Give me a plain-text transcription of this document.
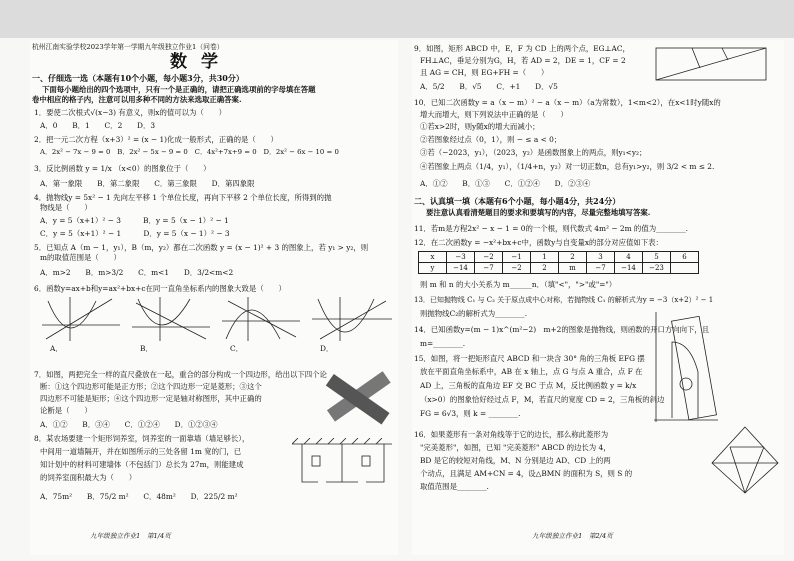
杭州江南实验学校2023学年第一学期九年级独立作业1（问卷）
数学
一、仔细选一选（本题有10个小题，每小题3分，共30分）
下面每小题给出的四个选项中，只有一个是正确的，请把正确选项前的字母填在答题
卷中相应的格子内，注意可以用多种不同的方法来选取正确答案.
1．要使二次根式√(x−3) 有意义，则x的值可以为（　　）
A．0　　B．1　　C．2　　D．3
2．把一元二次方程（x+3）² = (x − 1)化成一般形式，正确的是（　　）
A．2x² − 7x − 9 = 0　B．2x² − 5x − 9 = 0　C．4x²+7x+9 = 0　D．2x² − 6x − 10 = 0
3．反比例函数 y = 1/x （x<0）的图象位于（　　）
A．第一象限　　B．第二象限　　C．第三象限　　D．第四象限
4．抛物线y = 5x² − 1 先向左平移 1 个单位长度，再向下平移 2 个单位长度，所得到的抛
物线是（　　）
A．y = 5（x+1）² − 3　　　B．y = 5（x − 1）² − 1
C．y = 5（x+1）² − 1　　　D．y = 5（x − 1）² − 3
5．已知点 A（m − 1，y₁），B（m，y₂）都在二次函数 y = (x − 1)² + 3 的图象上，若 y₁ > y₂，则
m的取值范围是（　　）
A．m>2　　B．m>3/2　　C．m<1　　D．3/2<m<2
6．函数y=ax+b和y=ax²+bx+c在同一直角坐标系内的图象大致是（　　）
A．	B．	C．	D．
7．如图，两把完全一样的直尺叠放在一起，重合的部分构成一个四边形，给出以下四个论
断：①这个四边形可能是正方形；②这个四边形一定是菱形；③这个
四边形不可能是矩形；④这个四边形一定是轴对称图形，其中正确的
论断是（　　）
A．①②　　B．③④　　C．①②④　　D．①②③④
8．某农场要建一个矩形饲养室，饲养室的一面靠墙（墙足够长），
中间用一道墙隔开，并在如图所示的三处各留 1m 宽的门，已
知计划中的材料可建墙体（不包括门）总长为 27m，则能建成
的饲养室面积最大为（　　）
A．75m²　　B．75/2 m²　　C．48m²　　D．225/2 m²
九年级独立作业1　第1/4页
9．如图，矩形 ABCD 中，E，F 为 CD 上的两个点，EG⊥AC，
FH⊥AC，垂足分别为G，H，若 AD = 2，DE = 1，CF = 2
且 AG = CH，则 EG+FH =（　　）
A．5/2　　B．√5　　C．+1　　D．√5
10．已知二次函数y = a（x − m）² − a（x − m）（a为常数），1<m<2），在x<1时y随x的
增大而增大，则下列说法中正确的是（　　）
①若x>2时，则y随x的增大而减小；
②若图象经过点（0，1），则 − ≤ a < 0；
③若（−2023，y₁），（2023，y₂）是函数图象上的两点，则y₁<y₂；
④若图象上两点（1/4，y₁），（1/4+n，y₂）对一切正数n，总有y₁>y₂，则 3/2 < m ≤ 2.
A．①②　　B．①③　　C．①②④　　D．②③④
二、认真填一填（本题有6个小题，每小题4分，共24分）
要注意认真看清楚题目的要求和要填写的内容，尽量完整地填写答案.
11．若m是方程2x² − x − 1 = 0的一个根，则代数式 4m² − 2m 的值为________.
12．在二次函数y = −x²+bx+c中，函数y与自变量x的部分对应值如下表：
x	−3	−2	−1	1	2	3	4	5	6
y	−14	−7	−2	2	m	−7	−14	−23	
则 m 和 n 的大小关系为 m______n．（填"<"，">"或"="）
13．已知抛物线 C₁ 与 C₂ 关于原点成中心对称，若抛物线 C₁ 的解析式为y = −3（x+2）² − 1
则抛物线C₂的解析式为________.
14．已知函数y=(m − 1)x^(m²−2)　m+2的图象是抛物线，则函数的开口方向向下，且
m=________.
15．如图，将一把矩形直尺 ABCD 和一块含 30° 角的三角板 EFG 摆
放在平面直角坐标系中，AB 在 x 轴上，点 G 与点 A 重合，点 F 在
AD 上，三角板的直角边 EF 交 BC 于点 M，反比例函数 y = k/x
（x>0）的图象恰好经过点 F，M，若直尺的宽度 CD = 2，三角板的斜边
FG = 6√3，则 k = ________.
16．如果菱形有一条对角线等于它的边长，那么称此菱形为
"完美菱形"，如图，已知 "完美菱形" ABCD 的边长为 4，
BD 是它的较短对角线，M、N 分别是边 AD、CD 上的两
个动点，且满足 AM+CN = 4，设△BMN 的面积为 S，则 S 的
取值范围是________.
九年级独立作业1　第2/4页
